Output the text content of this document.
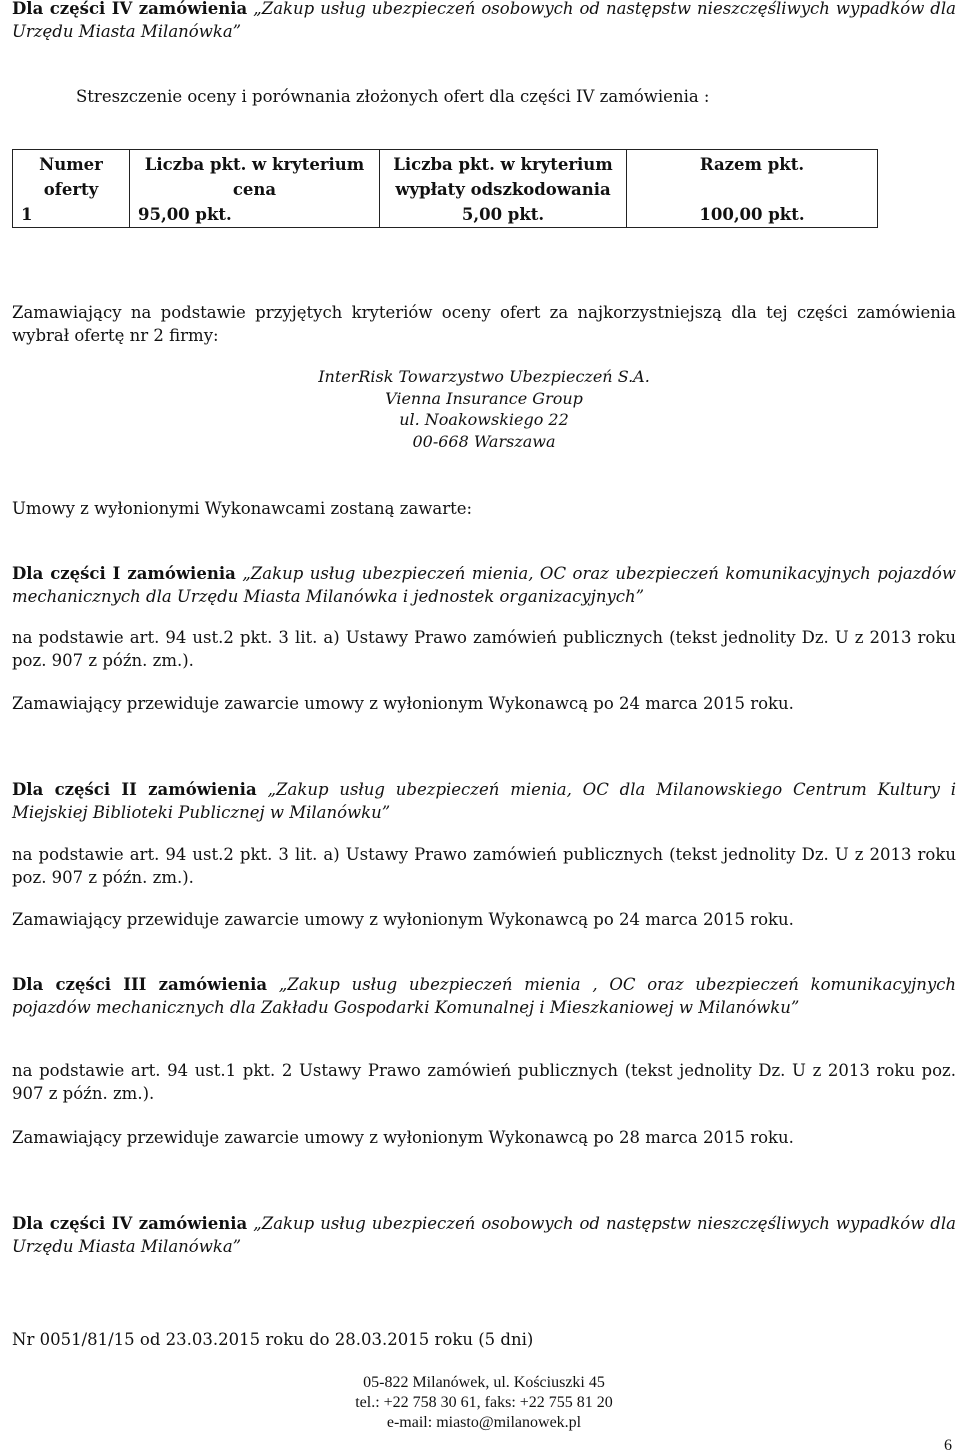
Dla części IV zamówienia „Zakup usług ubezpieczeń osobowych od następstw nieszczęśliwych wypadków dla Urzędu Miasta Milanówka”
Streszczenie oceny i porównania złożonych ofert dla części IV zamówienia :
Numer oferty	Liczba pkt. w kryterium cena	Liczba pkt. w kryterium wypłaty odszkodowania	Razem pkt.
1	95,00 pkt.	5,00 pkt.	100,00 pkt.
Zamawiający na podstawie przyjętych kryteriów oceny ofert za najkorzystniejszą dla tej części zamówienia wybrał ofertę nr 2 firmy:
InterRisk Towarzystwo Ubezpieczeń S.A.
Vienna Insurance Group
ul. Noakowskiego 22
00-668 Warszawa
Umowy z wyłonionymi Wykonawcami zostaną zawarte:
Dla części I zamówienia „Zakup usług ubezpieczeń mienia, OC oraz ubezpieczeń komunikacyjnych pojazdów mechanicznych dla Urzędu Miasta Milanówka i jednostek organizacyjnych”
na podstawie art. 94 ust.2 pkt. 3 lit. a) Ustawy Prawo zamówień publicznych (tekst jednolity Dz. U z 2013 roku poz. 907 z późn. zm.).
Zamawiający przewiduje zawarcie umowy z wyłonionym Wykonawcą po 24 marca 2015 roku.
Dla części II zamówienia „Zakup usług ubezpieczeń mienia, OC dla Milanowskiego Centrum Kultury i Miejskiej Biblioteki Publicznej w Milanówku”
na podstawie art. 94 ust.2 pkt. 3 lit. a) Ustawy Prawo zamówień publicznych (tekst jednolity Dz. U z 2013 roku poz. 907 z późn. zm.).
Zamawiający przewiduje zawarcie umowy z wyłonionym Wykonawcą po 24 marca 2015 roku.
Dla części III zamówienia „Zakup usług ubezpieczeń mienia , OC oraz ubezpieczeń komunikacyjnych pojazdów mechanicznych dla Zakładu Gospodarki Komunalnej i Mieszkaniowej w Milanówku”
na podstawie art. 94 ust.1 pkt. 2 Ustawy Prawo zamówień publicznych (tekst jednolity Dz. U z 2013 roku poz. 907 z późn. zm.).
Zamawiający przewiduje zawarcie umowy z wyłonionym Wykonawcą po 28 marca 2015 roku.
Dla części IV zamówienia „Zakup usług ubezpieczeń osobowych od następstw nieszczęśliwych wypadków dla Urzędu Miasta Milanówka”
Nr 0051/81/15 od 23.03.2015 roku do 28.03.2015 roku (5 dni)
05-822 Milanówek, ul. Kościuszki 45
tel.: +22 758 30 61, faks: +22 755 81 20
e-mail: miasto@milanowek.pl
6
